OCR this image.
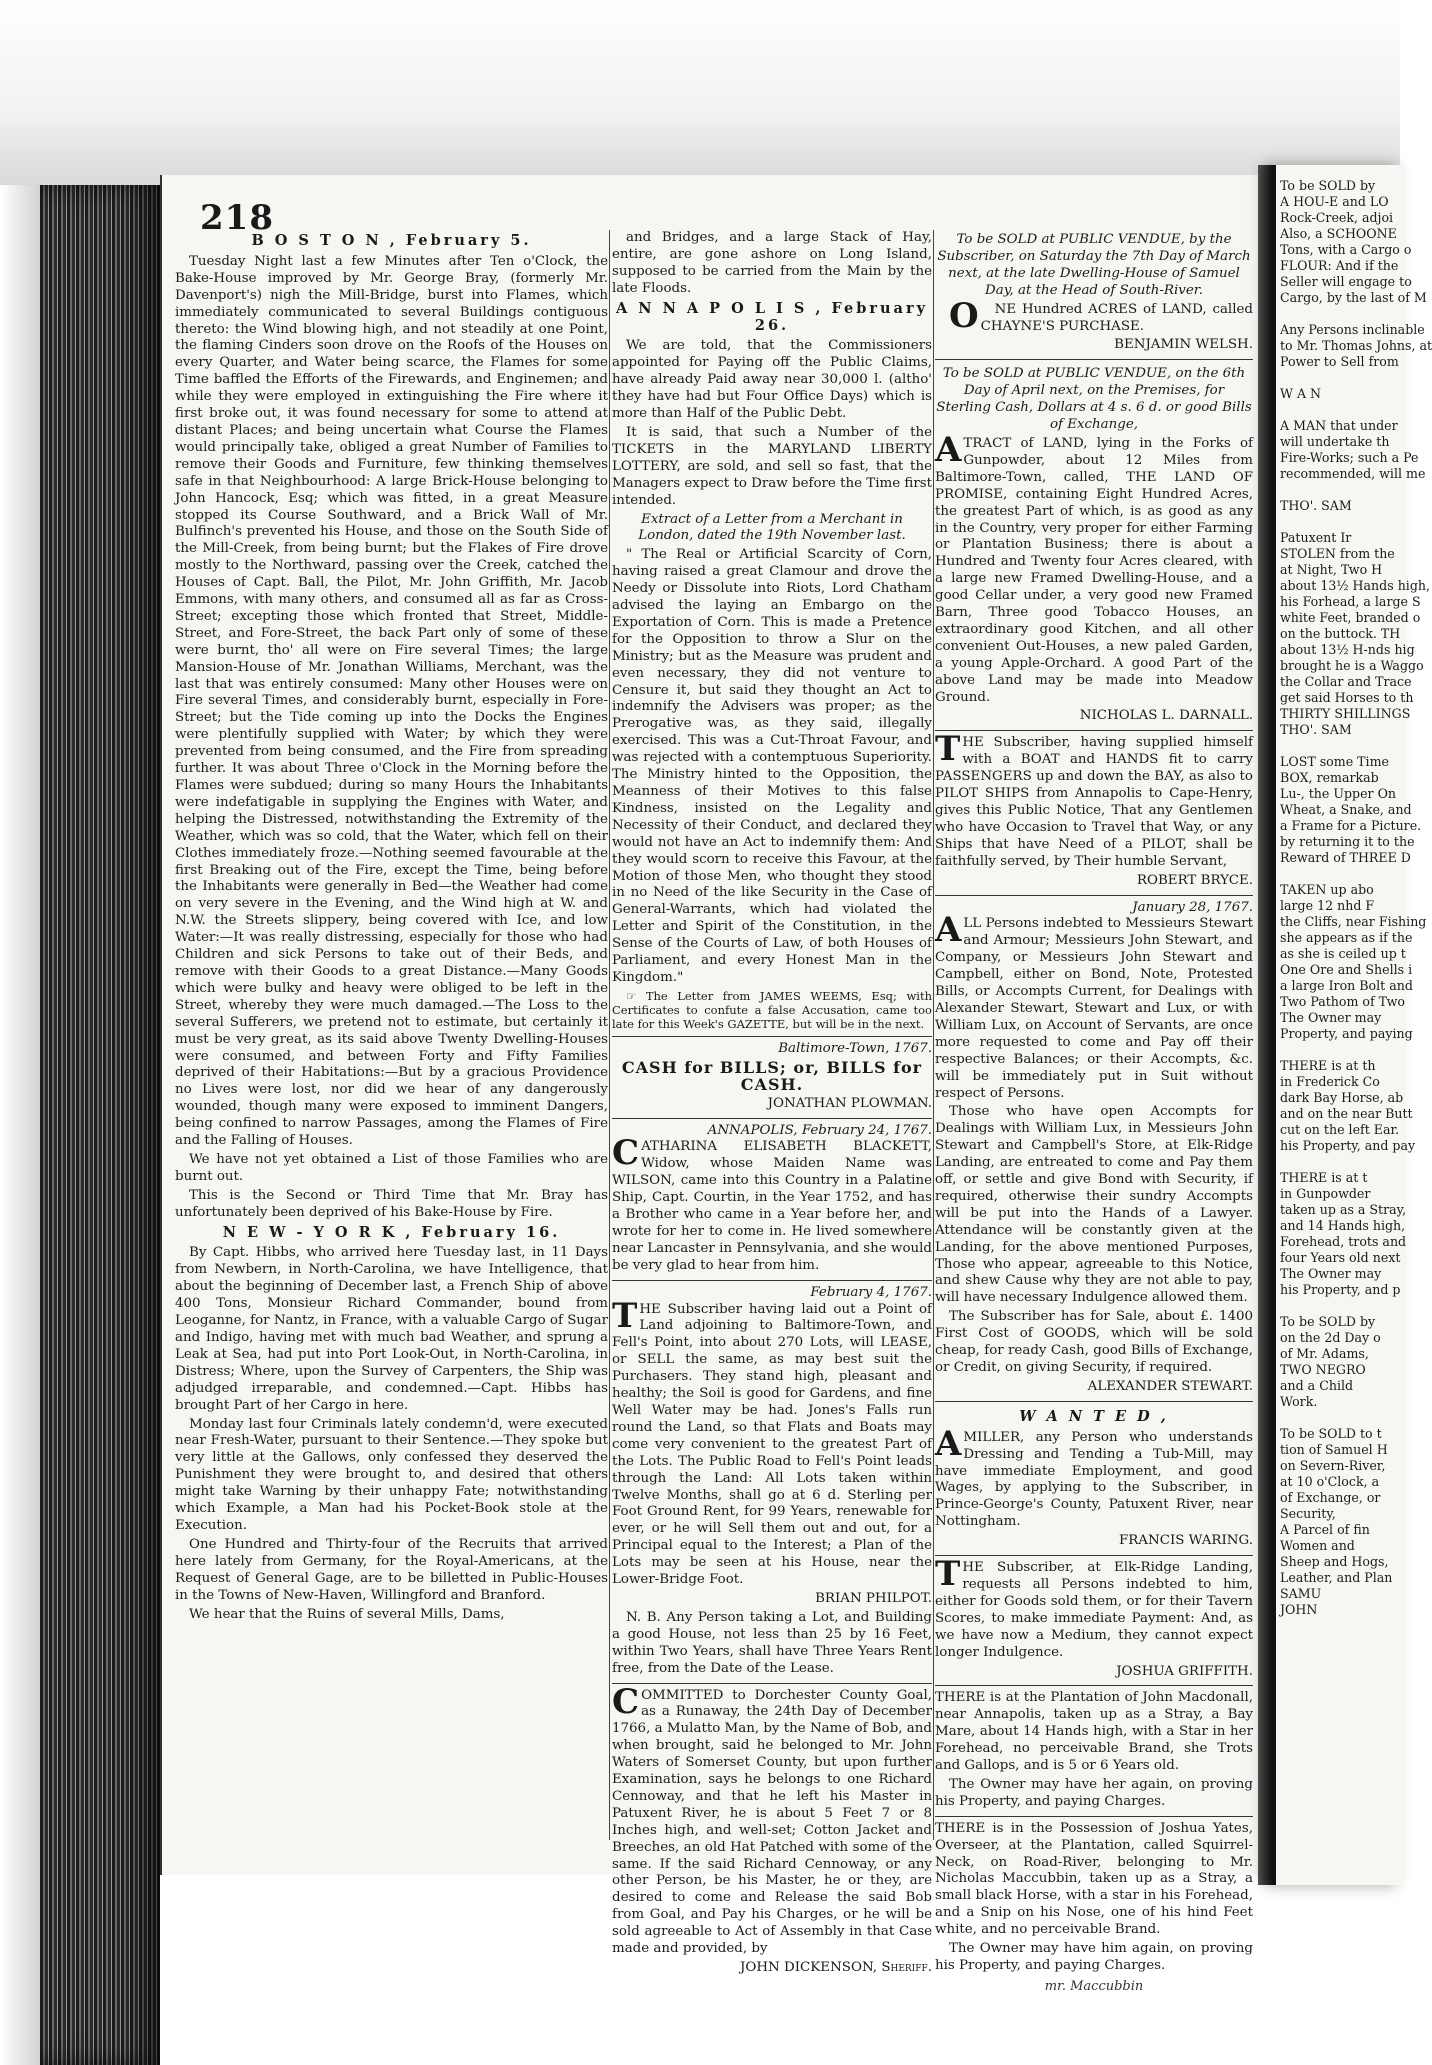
218
B O S T O N , February 5.

Tuesday Night last a few Minutes after Ten o'Clock, the Bake-House improved by Mr. George Bray, (formerly Mr. Davenport's) nigh the Mill-Bridge, burst into Flames, which immediately communicated to several Buildings contiguous thereto: the Wind blowing high, and not steadily at one Point, the flaming Cinders soon drove on the Roofs of the Houses on every Quarter, and Water being scarce, the Flames for some Time baffled the Efforts of the Firewards, and Enginemen; and while they were employed in extinguishing the Fire where it first broke out, it was found necessary for some to attend at distant Places; and being uncertain what Course the Flames would principally take, obliged a great Number of Families to remove their Goods and Furniture, few thinking themselves safe in that Neighbourhood: A large Brick-House belonging to John Hancock, Esq; which was fitted, in a great Measure stopped its Course Southward, and a Brick Wall of Mr. Bulfinch's prevented his House, and those on the South Side of the Mill-Creek, from being burnt; but the Flakes of Fire drove mostly to the Northward, passing over the Creek, catched the Houses of Capt. Ball, the Pilot, Mr. John Griffith, Mr. Jacob Emmons, with many others, and consumed all as far as Cross-Street; excepting those which fronted that Street, Middle-Street, and Fore-Street, the back Part only of some of these were burnt, tho' all were on Fire several Times; the large Mansion-House of Mr. Jonathan Williams, Merchant, was the last that was entirely consumed: Many other Houses were on Fire several Times, and considerably burnt, especially in Fore-Street; but the Tide coming up into the Docks the Engines were plentifully supplied with Water; by which they were prevented from being consumed, and the Fire from spreading further. It was about Three o'Clock in the Morning before the Flames were subdued; during so many Hours the Inhabitants were indefatigable in supplying the Engines with Water, and helping the Distressed, notwithstanding the Extremity of the Weather, which was so cold, that the Water, which fell on their Clothes immediately froze.—Nothing seemed favourable at the first Breaking out of the Fire, except the Time, being before the Inhabitants were generally in Bed—the Weather had come on very severe in the Evening, and the Wind high at W. and N.W. the Streets slippery, being covered with Ice, and low Water:—It was really distressing, especially for those who had Children and sick Persons to take out of their Beds, and remove with their Goods to a great Distance.—Many Goods which were bulky and heavy were obliged to be left in the Street, whereby they were much damaged.—The Loss to the several Sufferers, we pretend not to estimate, but certainly it must be very great, as its said above Twenty Dwelling-Houses were consumed, and between Forty and Fifty Families deprived of their Habitations:—But by a gracious Providence no Lives were lost, nor did we hear of any dangerously wounded, though many were exposed to imminent Dangers, being confined to narrow Passages, among the Flames of Fire and the Falling of Houses.

We have not yet obtained a List of those Families who are burnt out.

This is the Second or Third Time that Mr. Bray has unfortunately been deprived of his Bake-House by Fire.

N E W - Y O R K , February 16.

By Capt. Hibbs, who arrived here Tuesday last, in 11 Days from Newbern, in North-Carolina, we have Intelligence, that about the beginning of December last, a French Ship of above 400 Tons, Monsieur Richard Commander, bound from Leoganne, for Nantz, in France, with a valuable Cargo of Sugar and Indigo, having met with much bad Weather, and sprung a Leak at Sea, had put into Port Look-Out, in North-Carolina, in Distress; Where, upon the Survey of Carpenters, the Ship was adjudged irreparable, and condemned.—Capt. Hibbs has brought Part of her Cargo in here.

Monday last four Criminals lately condemn'd, were executed near Fresh-Water, pursuant to their Sentence.—They spoke but very little at the Gallows, only confessed they deserved the Punishment they were brought to, and desired that others might take Warning by their unhappy Fate; notwithstanding which Example, a Man had his Pocket-Book stole at the Execution.

One Hundred and Thirty-four of the Recruits that arrived here lately from Germany, for the Royal-Americans, at the Request of General Gage, are to be billetted in Public-Houses in the Towns of New-Haven, Willingford and Branford.

We hear that the Ruins of several Mills, Dams,

and Bridges, and a large Stack of Hay, entire, are gone ashore on Long Island, supposed to be carried from the Main by the late Floods.

A N N A P O L I S , February 26.

We are told, that the Commissioners appointed for Paying off the Public Claims, have already Paid away near 30,000 l. (altho' they have had but Four Office Days) which is more than Half of the Public Debt.

It is said, that such a Number of the TICKETS in the MARYLAND LIBERTY LOTTERY, are sold, and sell so fast, that the Managers expect to Draw before the Time first intended.

Extract of a Letter from a Merchant in London, dated the 19th November last.

" The Real or Artificial Scarcity of Corn, having raised a great Clamour and drove the Needy or Dissolute into Riots, Lord Chatham advised the laying an Embargo on the Exportation of Corn. This is made a Pretence for the Opposition to throw a Slur on the Ministry; but as the Measure was prudent and even necessary, they did not venture to Censure it, but said they thought an Act to indemnify the Advisers was proper; as the Prerogative was, as they said, illegally exercised. This was a Cut-Throat Favour, and was rejected with a contemptuous Superiority. The Ministry hinted to the Opposition, the Meanness of their Motives to this false Kindness, insisted on the Legality and Necessity of their Conduct, and declared they would not have an Act to indemnify them: And they would scorn to receive this Favour, at the Motion of those Men, who thought they stood in no Need of the like Security in the Case of General-Warrants, which had violated the Letter and Spirit of the Constitution, in the Sense of the Courts of Law, of both Houses of Parliament, and every Honest Man in the Kingdom."

☞ The Letter from JAMES WEEMS, Esq; with Certificates to confute a false Accusation, came too late for this Week's GAZETTE, but will be in the next.

Baltimore-Town, 1767.
CASH for BILLS; or, BILLS for CASH.
JONATHAN PLOWMAN.
ANNAPOLIS, February 24, 1767.

CATHARINA ELISABETH BLACKETT, Widow, whose Maiden Name was WILSON, came into this Country in a Palatine Ship, Capt. Courtin, in the Year 1752, and has a Brother who came in a Year before her, and wrote for her to come in. He lived somewhere near Lancaster in Pennsylvania, and she would be very glad to hear from him.

February 4, 1767.

THE Subscriber having laid out a Point of Land adjoining to Baltimore-Town, and Fell's Point, into about 270 Lots, will LEASE, or SELL the same, as may best suit the Purchasers. They stand high, pleasant and healthy; the Soil is good for Gardens, and fine Well Water may be had. Jones's Falls run round the Land, so that Flats and Boats may come very convenient to the greatest Part of the Lots. The Public Road to Fell's Point leads through the Land: All Lots taken within Twelve Months, shall go at 6 d. Sterling per Foot Ground Rent, for 99 Years, renewable for ever, or he will Sell them out and out, for a Principal equal to the Interest; a Plan of the Lots may be seen at his House, near the Lower-Bridge Foot.

BRIAN PHILPOT.

N. B. Any Person taking a Lot, and Building a good House, not less than 25 by 16 Feet, within Two Years, shall have Three Years Rent free, from the Date of the Lease.

COMMITTED to Dorchester County Goal, as a Runaway, the 24th Day of December 1766, a Mulatto Man, by the Name of Bob, and when brought, said he belonged to Mr. John Waters of Somerset County, but upon further Examination, says he belongs to one Richard Cennoway, and that he left his Master in Patuxent River, he is about 5 Feet 7 or 8 Inches high, and well-set; Cotton Jacket and Breeches, an old Hat Patched with some of the same. If the said Richard Cennoway, or any other Person, be his Master, he or they, are desired to come and Release the said Bob from Goal, and Pay his Charges, or he will be sold agreeable to Act of Assembly in that Case made and provided, by

JOHN DICKENSON, Sheriff.
To be SOLD at PUBLIC VENDUE, by the Subscriber, on Saturday the 7th Day of March next, at the late Dwelling-House of Samuel Day, at the Head of South-River.

ONE Hundred ACRES of LAND, called CHAYNE'S PURCHASE.

BENJAMIN WELSH.
To be SOLD at PUBLIC VENDUE, on the 6th Day of April next, on the Premises, for Sterling Cash, Dollars at 4 s. 6 d. or good Bills of Exchange,

ATRACT of LAND, lying in the Forks of Gunpowder, about 12 Miles from Baltimore-Town, called, THE LAND OF PROMISE, containing Eight Hundred Acres, the greatest Part of which, is as good as any in the Country, very proper for either Farming or Plantation Business; there is about a Hundred and Twenty four Acres cleared, with a large new Framed Dwelling-House, and a good Cellar under, a very good new Framed Barn, Three good Tobacco Houses, an extraordinary good Kitchen, and all other convenient Out-Houses, a new paled Garden, a young Apple-Orchard. A good Part of the above Land may be made into Meadow Ground.

NICHOLAS L. DARNALL.

THE Subscriber, having supplied himself with a BOAT and HANDS fit to carry PASSENGERS up and down the BAY, as also to PILOT SHIPS from Annapolis to Cape-Henry, gives this Public Notice, That any Gentlemen who have Occasion to Travel that Way, or any Ships that have Need of a PILOT, shall be faithfully served, by Their humble Servant,

ROBERT BRYCE.
January 28, 1767.

ALL Persons indebted to Messieurs Stewart and Armour; Messieurs John Stewart, and Company, or Messieurs John Stewart and Campbell, either on Bond, Note, Protested Bills, or Accompts Current, for Dealings with Alexander Stewart, Stewart and Lux, or with William Lux, on Account of Servants, are once more requested to come and Pay off their respective Balances; or their Accompts, &c. will be immediately put in Suit without respect of Persons.

Those who have open Accompts for Dealings with William Lux, in Messieurs John Stewart and Campbell's Store, at Elk-Ridge Landing, are entreated to come and Pay them off, or settle and give Bond with Security, if required, otherwise their sundry Accompts will be put into the Hands of a Lawyer. Attendance will be constantly given at the Landing, for the above mentioned Purposes, Those who appear, agreeable to this Notice, and shew Cause why they are not able to pay, will have necessary Indulgence allowed them.

The Subscriber has for Sale, about £. 1400 First Cost of GOODS, which will be sold cheap, for ready Cash, good Bills of Exchange, or Credit, on giving Security, if required.

ALEXANDER STEWART.
W A N T E D ,

AMILLER, any Person who understands Dressing and Tending a Tub-Mill, may have immediate Employment, and good Wages, by applying to the Subscriber, in Prince-George's County, Patuxent River, near Nottingham.

FRANCIS WARING.

THE Subscriber, at Elk-Ridge Landing, requests all Persons indebted to him, either for Goods sold them, or for their Tavern Scores, to make immediate Payment: And, as we have now a Medium, they cannot expect longer Indulgence.

JOSHUA GRIFFITH.

THERE is at the Plantation of John Macdonall, near Annapolis, taken up as a Stray, a Bay Mare, about 14 Hands high, with a Star in her Forehead, no perceivable Brand, she Trots and Gallops, and is 5 or 6 Years old.

The Owner may have her again, on proving his Property, and paying Charges.

THERE is in the Possession of Joshua Yates, Overseer, at the Plantation, called Squirrel-Neck, on Road-River, belonging to Mr. Nicholas Maccubbin, taken up as a Stray, a small black Horse, with a star in his Forehead, and a Snip on his Nose, one of his hind Feet white, and no perceivable Brand.

The Owner may have him again, on proving his Property, and paying Charges.

mr. Maccubbin
To be SOLD by
A HOU-E and LO
Rock-Creek, adjoi
Also, a SCHOONE
Tons, with a Cargo o
FLOUR: And if the
Seller will engage to
Cargo, by the last of M

Any Persons inclinable
to Mr. Thomas Johns, at
Power to Sell from

W A N

A MAN that under
will undertake th
Fire-Works; such a Pe
recommended, will me

THO'. SAM

Patuxent Ir
STOLEN from the
at Night, Two H
about 13½ Hands high,
his Forhead, a large S
white Feet, branded o
on the buttock. TH
about 13½ H-nds hig
brought he is a Waggo
the Collar and Trace
get said Horses to th
THIRTY SHILLINGS
THO'. SAM

LOST some Time
BOX, remarkab
Lu-, the Upper On
Wheat, a Snake, and
a Frame for a Picture.
by returning it to the
Reward of THREE D

TAKEN up abo
large 12 nhd F
the Cliffs, near Fishing
she appears as if the
as she is ceiled up t
One Ore and Shells i
a large Iron Bolt and
Two Pathom of Two
The Owner may
Property, and paying

THERE is at th
in Frederick Co
dark Bay Horse, ab
and on the near Butt
cut on the left Ear.
his Property, and pay

THERE is at t
in Gunpowder
taken up as a Stray,
and 14 Hands high,
Forehead, trots and
four Years old next
The Owner may
his Property, and p

To be SOLD by
on the 2d Day o
of Mr. Adams,
TWO NEGRO
and a Child
Work.

To be SOLD to t
tion of Samuel H
on Severn-River,
at 10 o'Clock, a
of Exchange, or
Security,
A Parcel of fin
Women and
Sheep and Hogs,
Leather, and Plan
SAMU
JOHN
